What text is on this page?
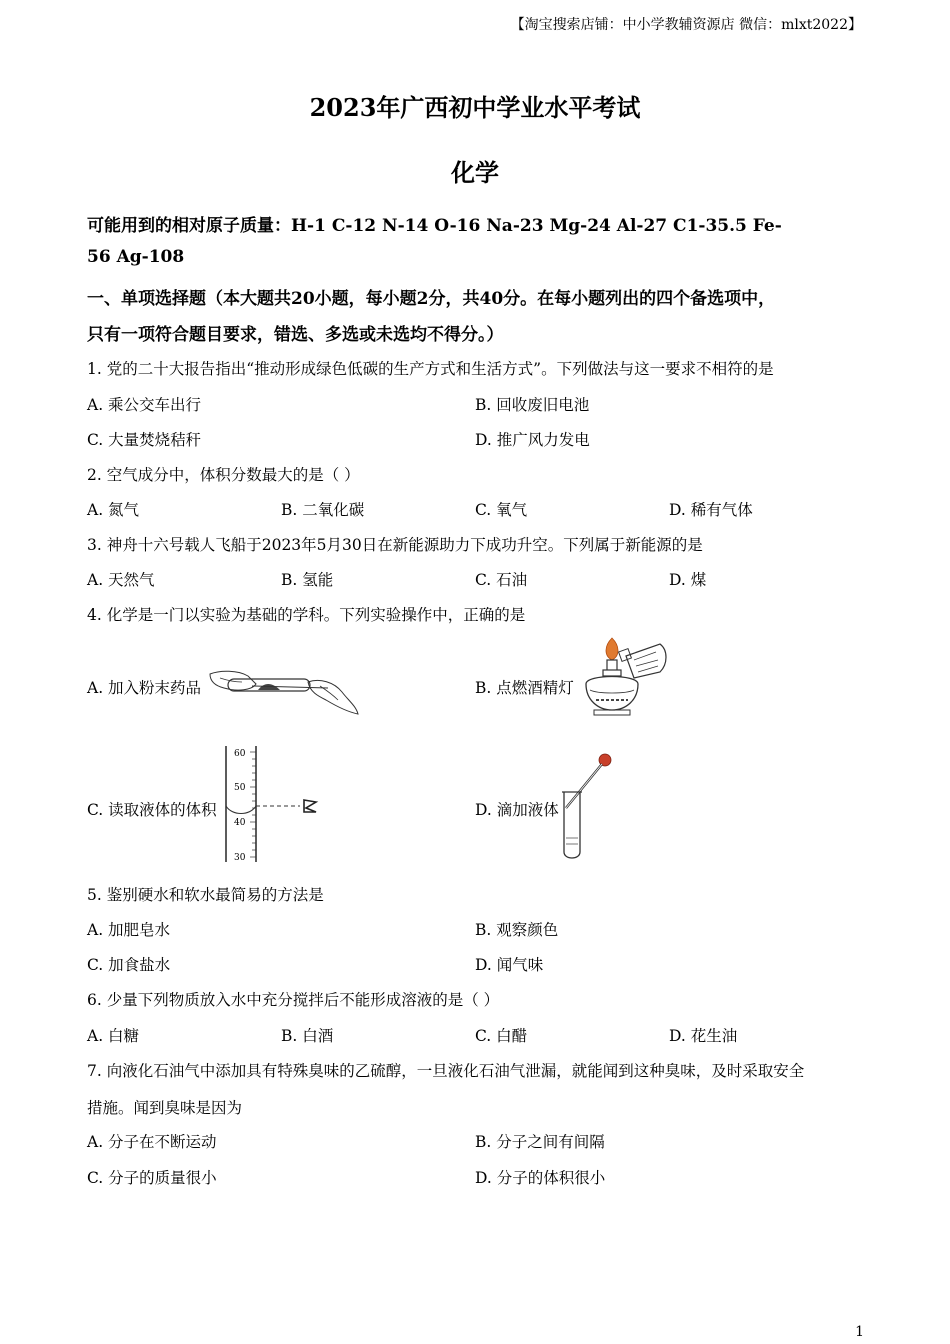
【淘宝搜索店铺：中小学教辅资源店 微信：mlxt2022】
2023年广西初中学业水平考试
化学
可能用到的相对原子质量：H-1 C-12 N-14 O-16 Na-23 Mg-24 Al-27 C1-35.5 Fe-
56 Ag-108
一、单项选择题（本大题共20小题，每小题2分，共40分。在每小题列出的四个备选项中，
只有一项符合题目要求，错选、多选或未选均不得分。）
1. 党的二十大报告指出“推动形成绿色低碳的生产方式和生活方式”。下列做法与这一要求不相符的是
A. 乘公交车出行	B. 回收废旧电池
C. 大量焚烧秸秆	D. 推广风力发电
2. 空气成分中，体积分数最大的是（ ）
A. 氮气	B. 二氧化碳	C. 氧气	D. 稀有气体
3. 神舟十六号载人飞船于2023年5月30日在新能源助力下成功升空。下列属于新能源的是
A. 天然气	B. 氢能	C. 石油	D. 煤
4. 化学是一门以实验为基础的学科。下列实验操作中，正确的是
A. 加入粉末药品	B. 点燃酒精灯
C. 读取液体的体积
60
50
40
30
D. 滴加液体
5. 鉴别硬水和软水最简易的方法是
A. 加肥皂水	B. 观察颜色
C. 加食盐水	D. 闻气味
6. 少量下列物质放入水中充分搅拌后不能形成溶液的是（ ）
A. 白糖	B. 白酒	C. 白醋	D. 花生油
7. 向液化石油气中添加具有特殊臭味的乙硫醇，一旦液化石油气泄漏，就能闻到这种臭味，及时采取安全
措施。闻到臭味是因为
A. 分子在不断运动	B. 分子之间有间隔
C. 分子的质量很小	D. 分子的体积很小
1
